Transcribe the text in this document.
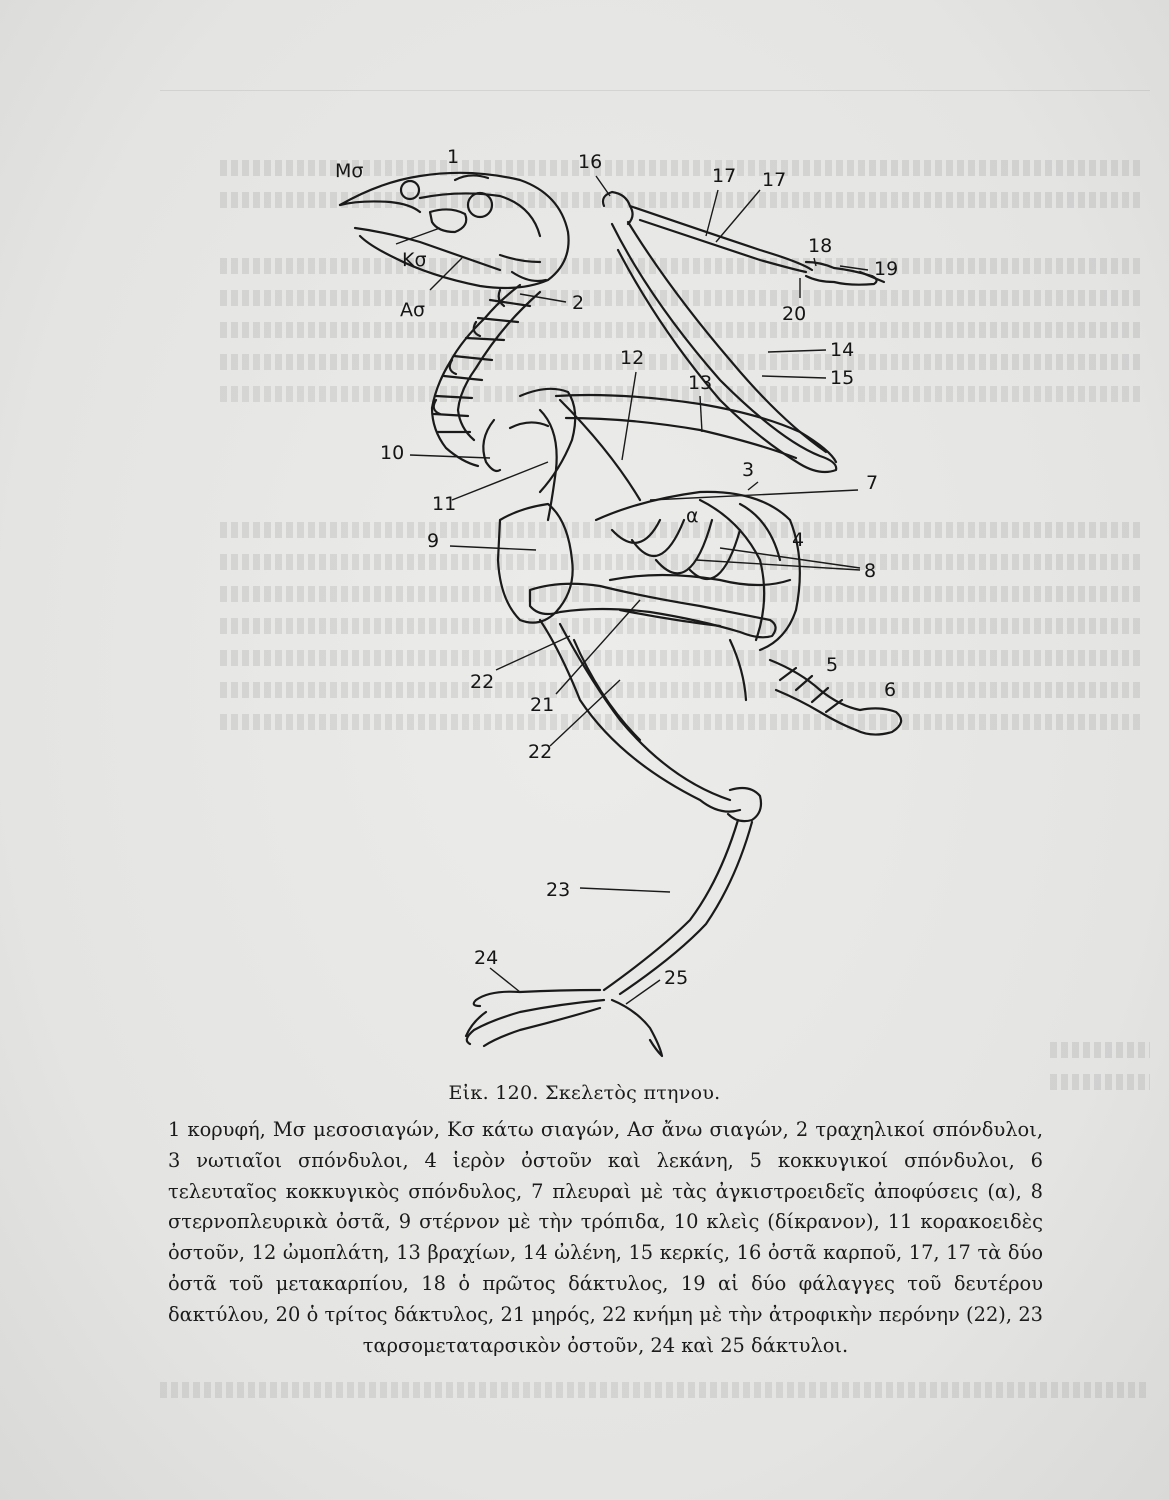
Μσ
1
Κσ
Ασ	2
16
17 17
18
19
20
14
15
12
13
3
7
α
10
11
9	4
8
5
6
22
21
22
23
24
25
Εἰκ. 120. Σκελετὸς πτηνου.
1 κορυφή, Μσ μεσοσιαγών, Κσ κάτω σιαγών, Ασ ἄνω σιαγών, 2 τραχηλικοί σπόνδυλοι, 3 νωτιαῖοι σπόνδυλοι, 4 ἱερὸν ὀστοῦν καὶ λεκάνη, 5 κοκκυγικοί σπόνδυλοι, 6 τελευταῖος κοκκυγικὸς σπόνδυλος, 7 πλευραὶ μὲ τὰς ἀγκιστροειδεῖς ἀποφύσεις (α), 8 στερνοπλευρικὰ ὀστᾶ, 9 στέρνον μὲ τὴν τρόπιδα, 10 κλεὶς (δίκρανον), 11 κορακοειδὲς ὀστοῦν, 12 ὠμοπλάτη, 13 βραχίων, 14 ὠλένη, 15 κερκίς, 16 ὀστᾶ καρποῦ, 17, 17 τὰ δύο ὀστᾶ τοῦ μετακαρπίου, 18 ὁ πρῶτος δάκτυλος, 19 αἱ δύο φάλαγγες τοῦ δευτέρου δακτύλου, 20 ὁ τρίτος δάκτυλος, 21 μηρός, 22 κνήμη μὲ τὴν ἀτροφικὴν περόνην (22), 23 ταρσομεταταρσικὸν ὀστοῦν, 24 καὶ 25 δάκτυλοι.
